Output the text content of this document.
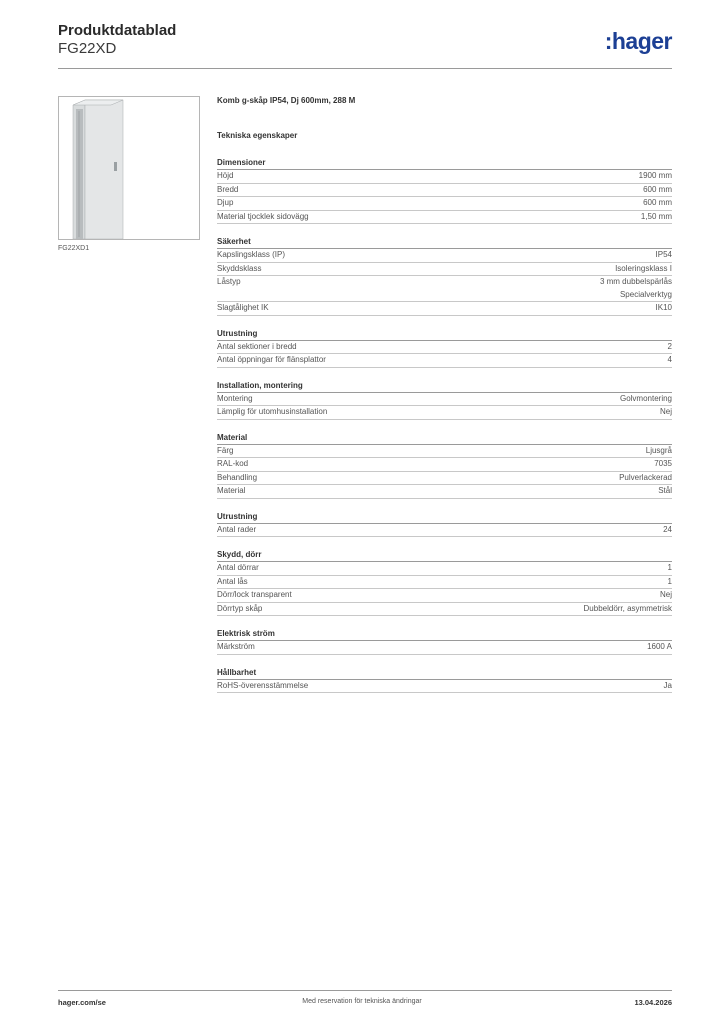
Produktdatablad
FG22XD	:hager
FG22XD1
Komb g-skåp IP54, Dj 600mm, 288 M
Tekniska egenskaper
Dimensioner
Höjd	1900 mm
Bredd	600 mm
Djup	600 mm
Material tjocklek sidovägg	1,50 mm
Säkerhet
Kapslingsklass (IP)	IP54
Skyddsklass	Isoleringsklass I
Låstyp	3 mm dubbelspärlås
Specialverktyg
Slagtålighet IK	IK10
Utrustning
Antal sektioner i bredd	2
Antal öppningar för flänsplattor	4
Installation, montering
Montering	Golvmontering
Lämplig för utomhusinstallation	Nej
Material
Färg	Ljusgrå
RAL-kod	7035
Behandling	Pulverlackerad
Material	Stål
Utrustning
Antal rader	24
Skydd, dörr
Antal dörrar	1
Antal lås	1
Dörr/lock transparent	Nej
Dörrtyp skåp	Dubbeldörr, asymmetrisk
Elektrisk ström
Märkström	1600 A
Hållbarhet
RoHS-överensstämmelse	Ja
hager.com/se	Med reservation för tekniska ändringar	13.04.2026
